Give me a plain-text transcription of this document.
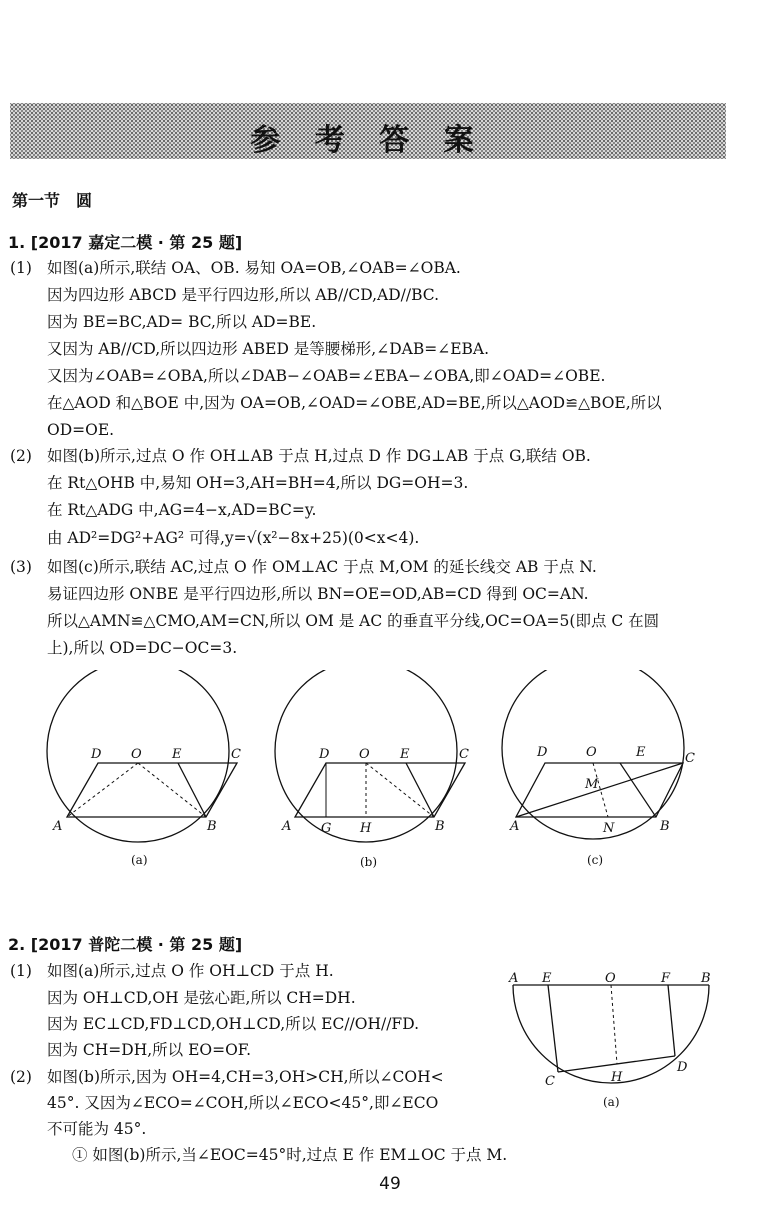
参 考 答 案
第一节　圆
1. [2017 嘉定二模 · 第 25 题]
(1) 如图(a)所示,联结 OA、OB. 易知 OA=OB,∠OAB=∠OBA.
因为四边形 ABCD 是平行四边形,所以 AB//CD,AD//BC.
因为 BE=BC,AD= BC,所以 AD=BE.
又因为 AB//CD,所以四边形 ABED 是等腰梯形,∠DAB=∠EBA.
又因为∠OAB=∠OBA,所以∠DAB−∠OAB=∠EBA−∠OBA,即∠OAD=∠OBE.
在△AOD 和△BOE 中,因为 OA=OB,∠OAD=∠OBE,AD=BE,所以△AOD≌△BOE,所以
OD=OE.
(2) 如图(b)所示,过点 O 作 OH⊥AB 于点 H,过点 D 作 DG⊥AB 于点 G,联结 OB.
在 Rt△OHB 中,易知 OH=3,AH=BH=4,所以 DG=OH=3.
在 Rt△ADG 中,AG=4−x,AD=BC=y.
由 AD²=DG²+AG² 可得,y=√(x²−8x+25)(0<x<4).
(3) 如图(c)所示,联结 AC,过点 O 作 OM⊥AC 于点 M,OM 的延长线交 AB 于点 N.
易证四边形 ONBE 是平行四边形,所以 BN=OE=OD,AB=CD 得到 OC=AN.
所以△AMN≌△CMO,AM=CN,所以 OM 是 AC 的垂直平分线,OC=OA=5(即点 C 在圆
上),所以 OD=DC−OC=3.
D O E	C
A	B
(a)
D O E	C
A G H	B
(b)
D	O	E	C
M
A	N	B
(c)
2. [2017 普陀二模 · 第 25 题]
(1) 如图(a)所示,过点 O 作 OH⊥CD 于点 H.
因为 OH⊥CD,OH 是弦心距,所以 CH=DH.
因为 EC⊥CD,FD⊥CD,OH⊥CD,所以 EC//OH//FD.
因为 CH=DH,所以 EO=OF.
(2) 如图(b)所示,因为 OH=4,CH=3,OH>CH,所以∠COH<
45°. 又因为∠ECO=∠COH,所以∠ECO<45°,即∠ECO
不可能为 45°.
① 如图(b)所示,当∠EOC=45°时,过点 E 作 EM⊥OC 于点 M.
A E	O	F B
H
C
D
(a)
49
